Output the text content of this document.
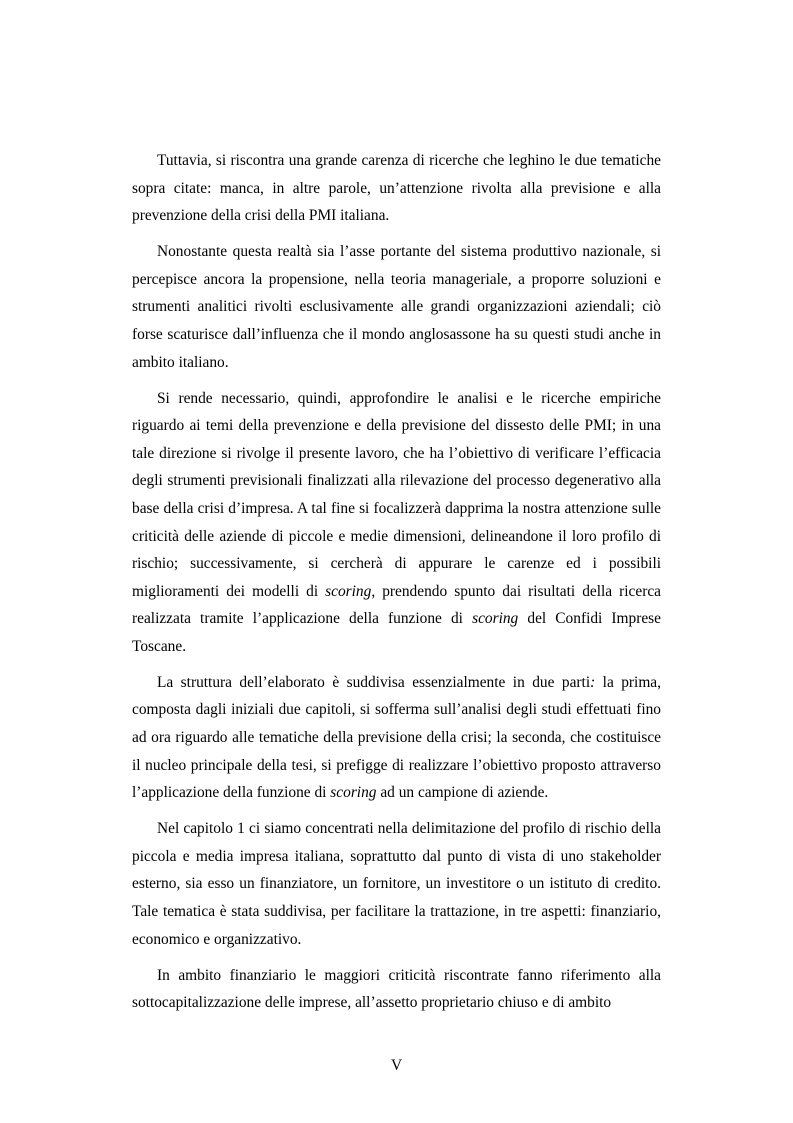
Tuttavia, si riscontra una grande carenza di ricerche che leghino le due tematiche sopra citate: manca, in altre parole, un’attenzione rivolta alla previsione e alla prevenzione della crisi della PMI italiana.

Nonostante questa realtà sia l’asse portante del sistema produttivo nazionale, si percepisce ancora la propensione, nella teoria manageriale, a proporre soluzioni e strumenti analitici rivolti esclusivamente alle grandi organizzazioni aziendali; ciò forse scaturisce dall’influenza che il mondo anglosassone ha su questi studi anche in ambito italiano.

Si rende necessario, quindi, approfondire le analisi e le ricerche empiriche riguardo ai temi della prevenzione e della previsione del dissesto delle PMI; in una tale direzione si rivolge il presente lavoro, che ha l’obiettivo di verificare l’efficacia degli strumenti previsionali finalizzati alla rilevazione del processo degenerativo alla base della crisi d’impresa. A tal fine si focalizzerà dapprima la nostra attenzione sulle criticità delle aziende di piccole e medie dimensioni, delineandone il loro profilo di rischio; successivamente, si cercherà di appurare le carenze ed i possibili miglioramenti dei modelli di scoring, prendendo spunto dai risultati della ricerca realizzata tramite l’applicazione della funzione di scoring del Confidi Imprese Toscane.

La struttura dell’elaborato è suddivisa essenzialmente in due parti: la prima, composta dagli iniziali due capitoli, si sofferma sull’analisi degli studi effettuati fino ad ora riguardo alle tematiche della previsione della crisi; la seconda, che costituisce il nucleo principale della tesi, si prefigge di realizzare l’obiettivo proposto attraverso l’applicazione della funzione di scoring ad un campione di aziende.

Nel capitolo 1 ci siamo concentrati nella delimitazione del profilo di rischio della piccola e media impresa italiana, soprattutto dal punto di vista di uno stakeholder esterno, sia esso un finanziatore, un fornitore, un investitore o un istituto di credito. Tale tematica è stata suddivisa, per facilitare la trattazione, in tre aspetti: finanziario, economico e organizzativo.

In ambito finanziario le maggiori criticità riscontrate fanno riferimento alla sottocapitalizzazione delle imprese, all’assetto proprietario chiuso e di ambito

V
